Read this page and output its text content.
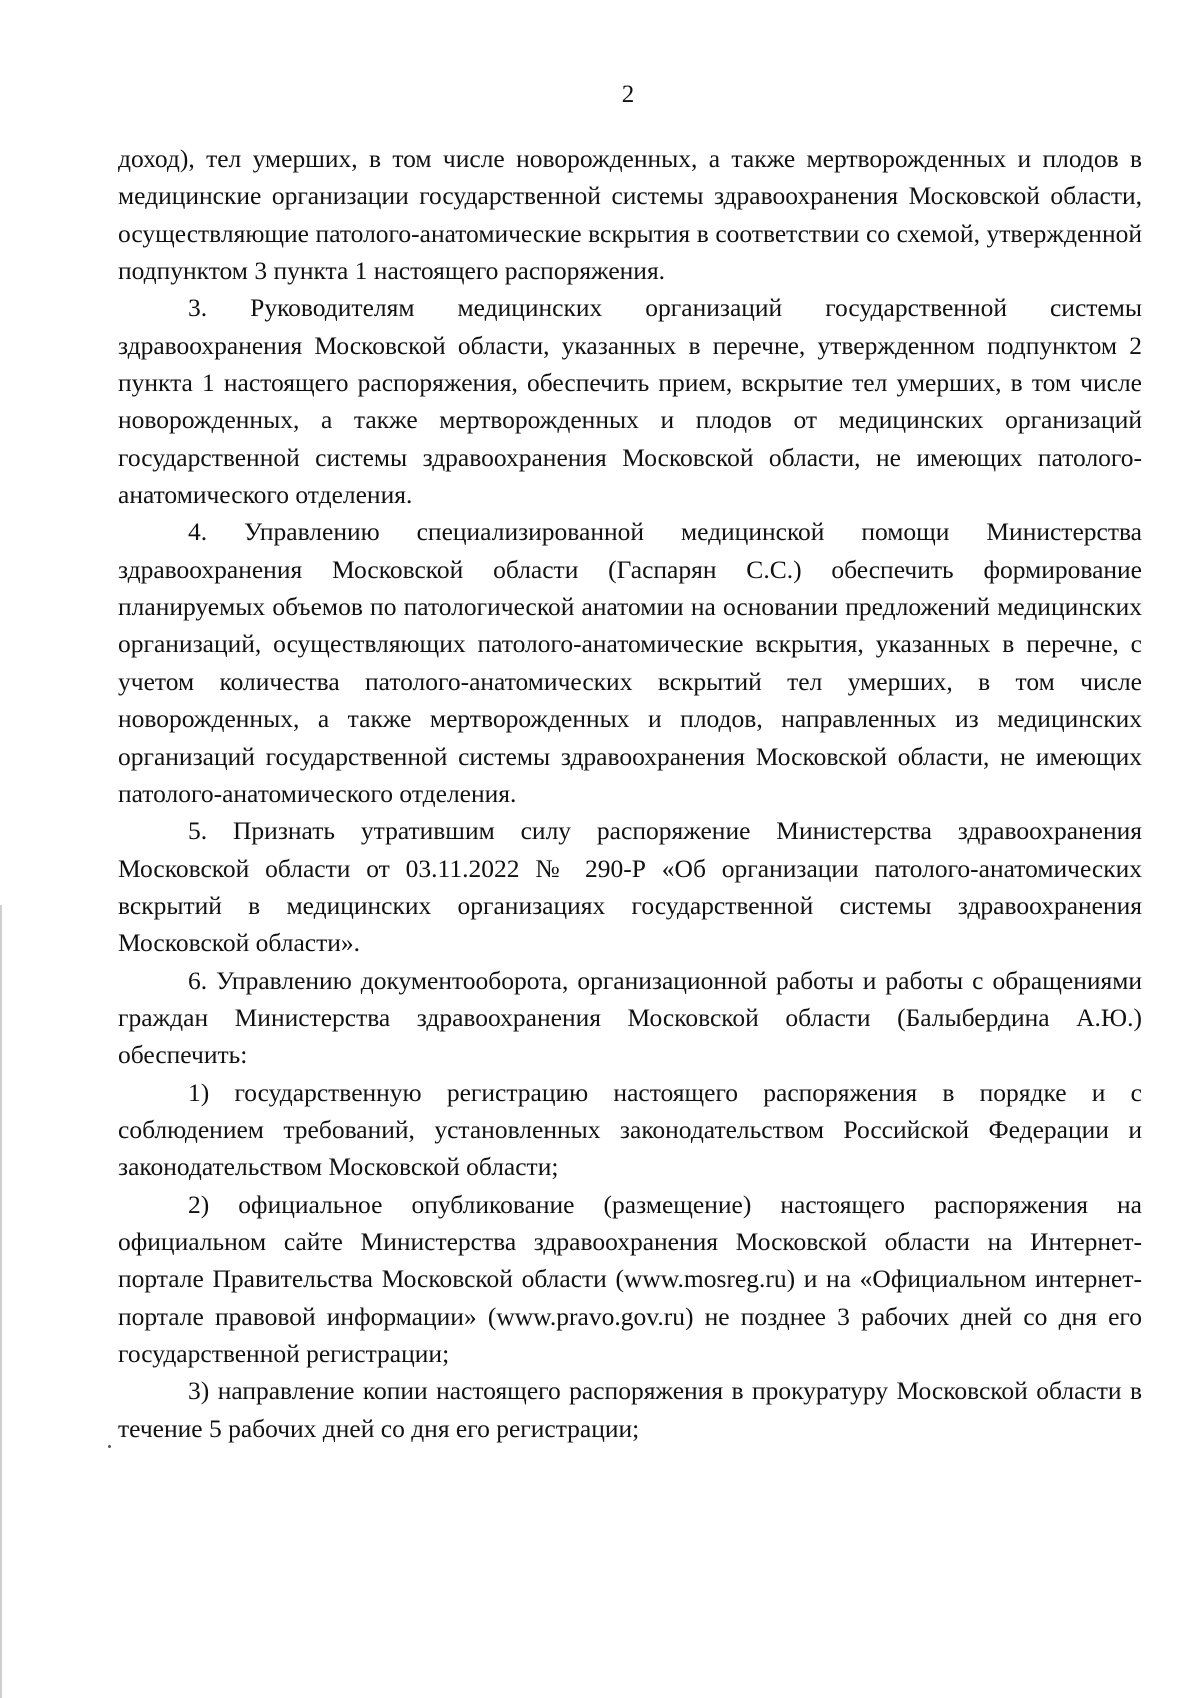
2

доход), тел умерших, в том числе новорожденных, а также мертворожденных и плодов в медицинские организации государственной системы здравоохранения Московской области, осуществляющие патолого-анатомические вскрытия в соответствии со схемой, утвержденной подпунктом 3 пункта 1 настоящего распоряжения.

3. Руководителям медицинских организаций государственной системы здравоохранения Московской области, указанных в перечне, утвержденном подпунктом 2 пункта 1 настоящего распоряжения, обеспечить прием, вскрытие тел умерших, в том числе новорожденных, а также мертворожденных и плодов от медицинских организаций государственной системы здравоохранения Московской области, не имеющих патолого-анатомического отделения.

4. Управлению специализированной медицинской помощи Министерства здравоохранения Московской области (Гаспарян С.С.) обеспечить формирование планируемых объемов по патологической анатомии на основании предложений медицинских организаций, осуществляющих патолого-анатомические вскрытия, указанных в перечне, с учетом количества патолого-анатомических вскрытий тел умерших, в том числе новорожденных, а также мертворожденных и плодов, направленных из медицинских организаций государственной системы здравоохранения Московской области, не имеющих патолого-анатомического отделения.

5. Признать утратившим силу распоряжение Министерства здравоохранения Московской области от 03.11.2022 № 290-Р «Об организации патолого-анатомических вскрытий в медицинских организациях государственной системы здравоохранения Московской области».

6. Управлению документооборота, организационной работы и работы с обращениями граждан Министерства здравоохранения Московской области (Балыбердина А.Ю.) обеспечить:

1) государственную регистрацию настоящего распоряжения в порядке и с соблюдением требований, установленных законодательством Российской Федерации и законодательством Московской области;

2) официальное опубликование (размещение) настоящего распоряжения на официальном сайте Министерства здравоохранения Московской области на Интернет-портале Правительства Московской области (www.mosreg.ru) и на «Официальном интернет-портале правовой информации» (www.pravo.gov.ru) не позднее 3 рабочих дней со дня его государственной регистрации;

3) направление копии настоящего распоряжения в прокуратуру Московской области в течение 5 рабочих дней со дня его регистрации;
